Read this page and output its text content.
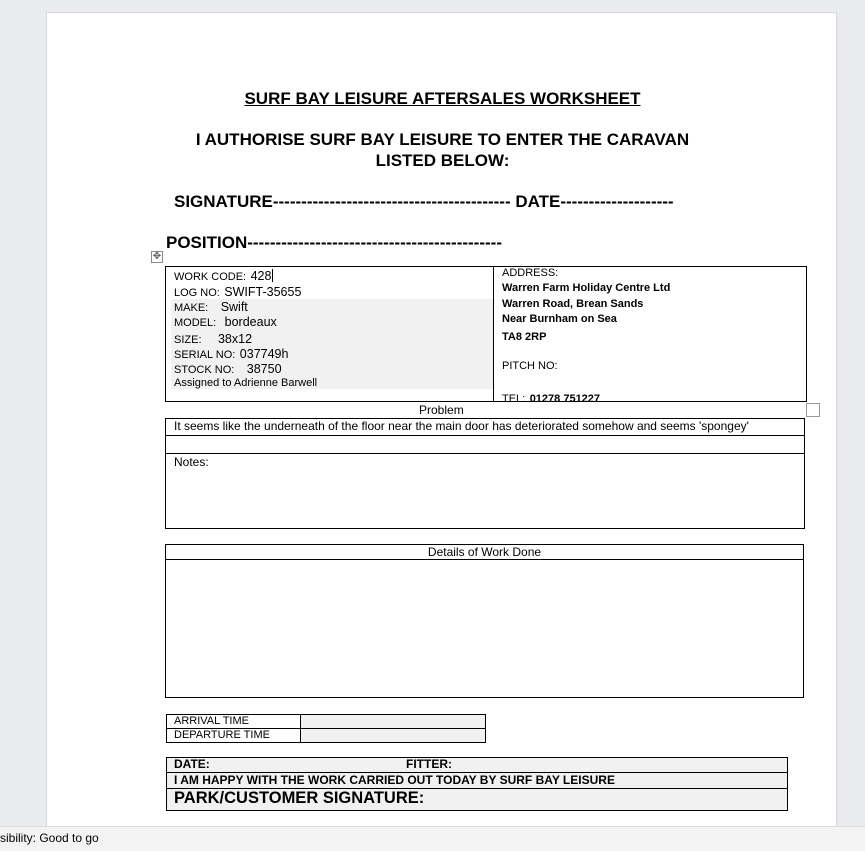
SURF BAY LEISURE AFTERSALES WORKSHEET
I AUTHORISE SURF BAY LEISURE TO ENTER THE CARAVAN
LISTED BELOW:
SIGNATURE------------------------------------------ DATE--------------------
POSITION---------------------------------------------
✥
WORK CODE: 428
LOG NO: SWIFT-35655
MAKE: Swift
MODEL: bordeaux
SIZE: 38x12
SERIAL NO: 037749h
STOCK NO: 38750
Assigned to Adrienne Barwell
ADDRESS:
Warren Farm Holiday Centre Ltd
Warren Road, Brean Sands
Near Burnham on Sea
TA8 2RP
PITCH NO:
TEL: 01278 751227
Problem
It seems like the underneath of the floor near the main door has deteriorated somehow and seems 'spongey'
Notes:
Details of Work Done
ARRIVAL TIME
DEPARTURE TIME
DATE:	FITTER:
I AM HAPPY WITH THE WORK CARRIED OUT TODAY BY SURF BAY LEISURE
PARK/CUSTOMER SIGNATURE:
sibility: Good to go
